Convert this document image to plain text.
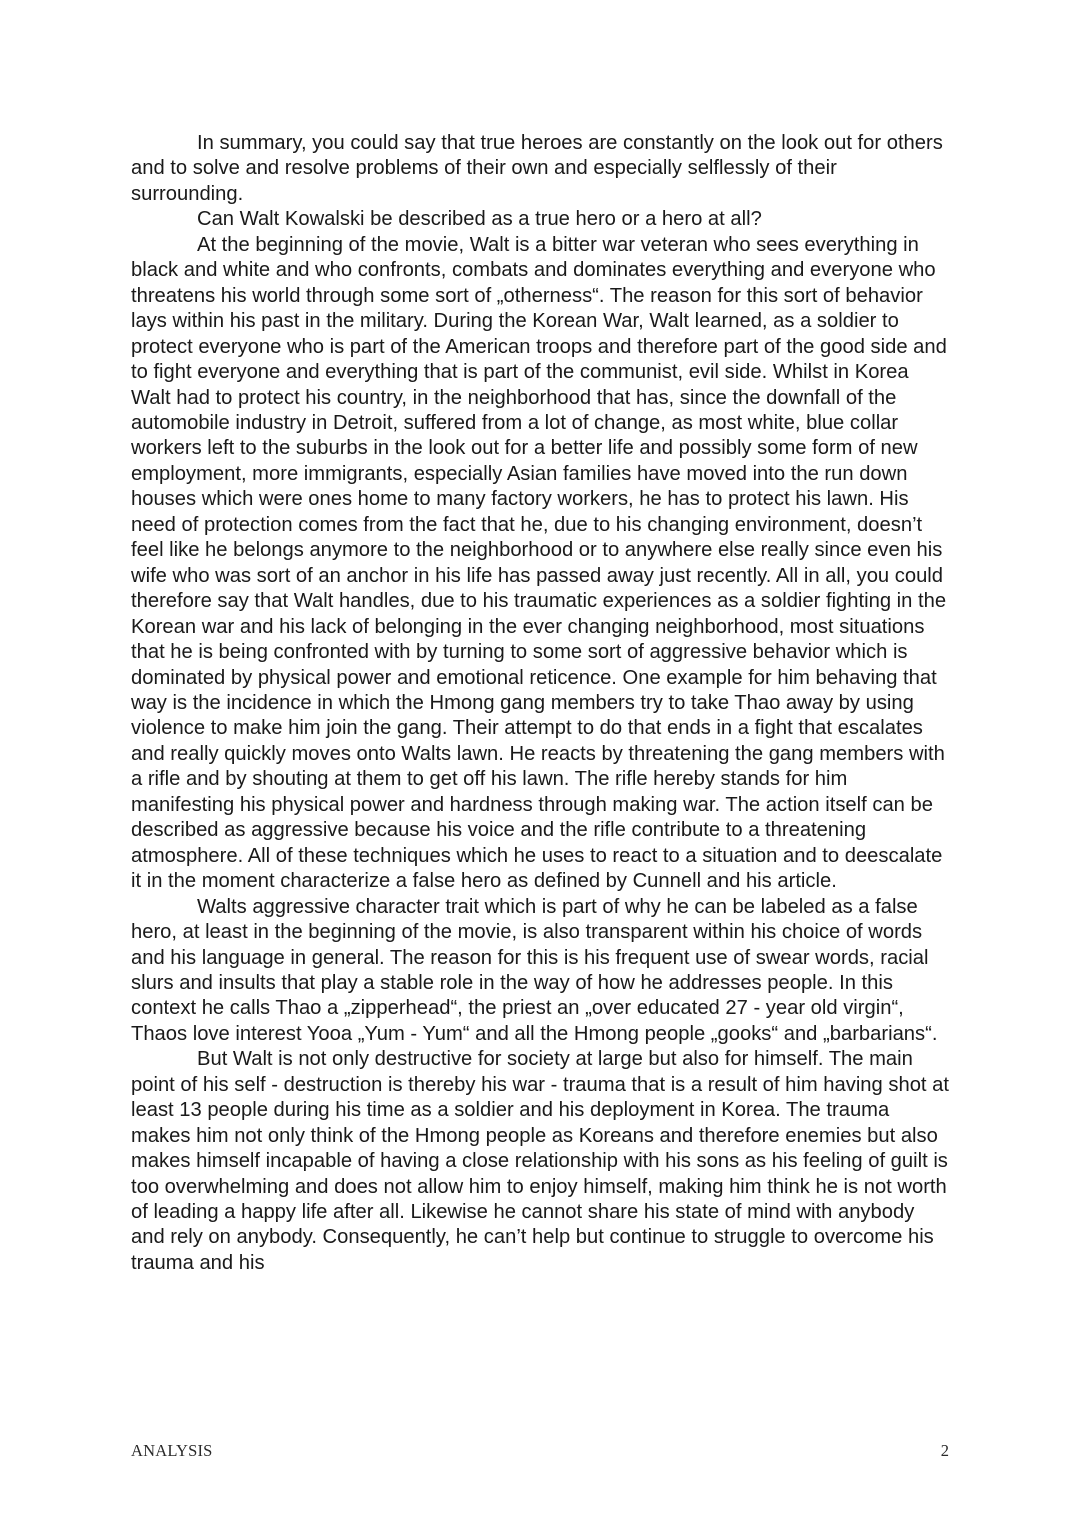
In summary, you could say that true heroes are constantly on the look out for others and to solve and resolve problems of their own and especially selflessly of their surrounding.

Can Walt Kowalski be described as a true hero or a hero at all?

At the beginning of the movie, Walt is a bitter war veteran who sees everything in black and white and who confronts, combats and dominates everything and everyone who threatens his world through some sort of „otherness“. The reason for this sort of behavior lays within his past in the military. During the Korean War, Walt learned, as a soldier to protect everyone who is part of the American troops and therefore part of the good side and to fight everyone and everything that is part of the communist, evil side. Whilst in Korea Walt had to protect his country, in the neighborhood that has, since the downfall of the automobile industry in Detroit, suffered from a lot of change, as most white, blue collar workers left to the suburbs in the look out for a better life and possibly some form of new employment, more immigrants, especially Asian families have moved into the run down houses which were ones home to many factory workers, he has to protect his lawn. His need of protection comes from the fact that he, due to his changing environment, doesn’t feel like he belongs anymore to the neighborhood or to anywhere else really since even his wife who was sort of an anchor in his life has passed away just recently. All in all, you could therefore say that Walt handles, due to his traumatic experiences as a soldier fighting in the Korean war and his lack of belonging in the ever changing neighborhood, most situations that he is being confronted with by turning to some sort of aggressive behavior which is dominated by physical power and emotional reticence. One example for him behaving that way is the incidence in which the Hmong gang members try to take Thao away by using violence to make him join the gang. Their attempt to do that ends in a fight that escalates and really quickly moves onto Walts lawn. He reacts by threatening the gang members with a rifle and by shouting at them to get off his lawn. The rifle hereby stands for him manifesting his physical power and hardness through making war. The action itself can be described as aggressive because his voice and the rifle contribute to a threatening atmosphere. All of these techniques which he uses to react to a situation and to deescalate it in the moment characterize a false hero as defined by Cunnell and his article.

Walts aggressive character trait which is part of why he can be labeled as a false hero, at least in the beginning of the movie, is also transparent within his choice of words and his language in general. The reason for this is his frequent use of swear words, racial slurs and insults that play a stable role in the way of how he addresses people. In this context he calls Thao a „zipperhead“, the priest an „over educated 27 - year old virgin“, Thaos love interest Yooa „Yum - Yum“ and all the Hmong people „gooks“ and „barbarians“.

But Walt is not only destructive for society at large but also for himself. The main point of his self - destruction is thereby his war - trauma that is a result of him having shot at least 13 people during his time as a soldier and his deployment in Korea. The trauma makes him not only think of the Hmong people as Koreans and therefore enemies but also makes himself incapable of having a close relationship with his sons as his feeling of guilt is too overwhelming and does not allow him to enjoy himself, making him think he is not worth of leading a happy life after all. Likewise he cannot share his state of mind with anybody and rely on anybody. Consequently, he can’t help but continue to struggle to overcome his trauma and his

ANALYSIS	2
